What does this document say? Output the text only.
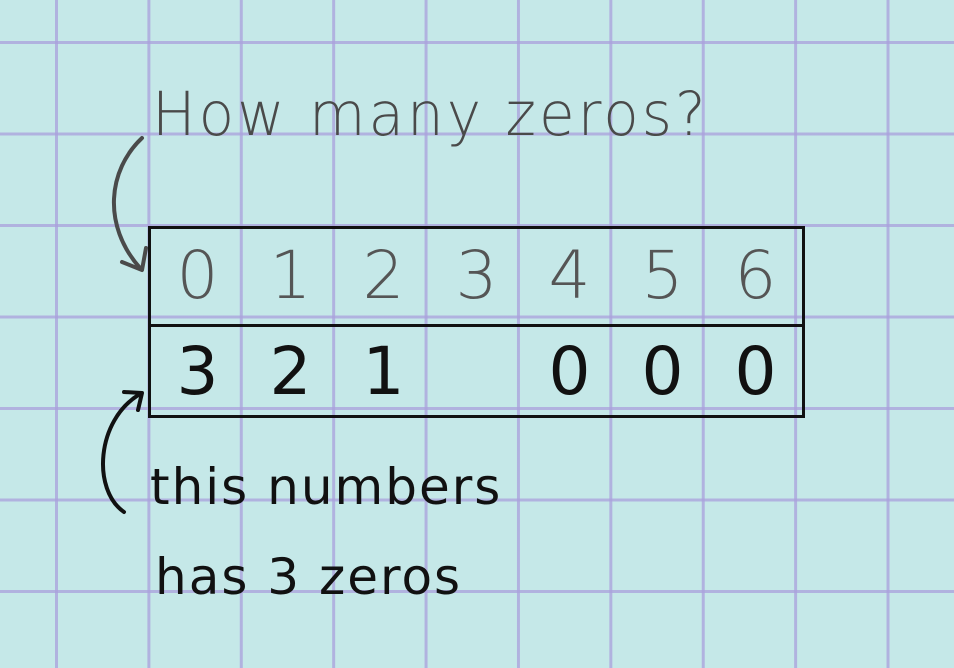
How many zeros?
0 1 2 3 4 5 6
3 2 1	0 0 0
this numbers
has 3 zeros
